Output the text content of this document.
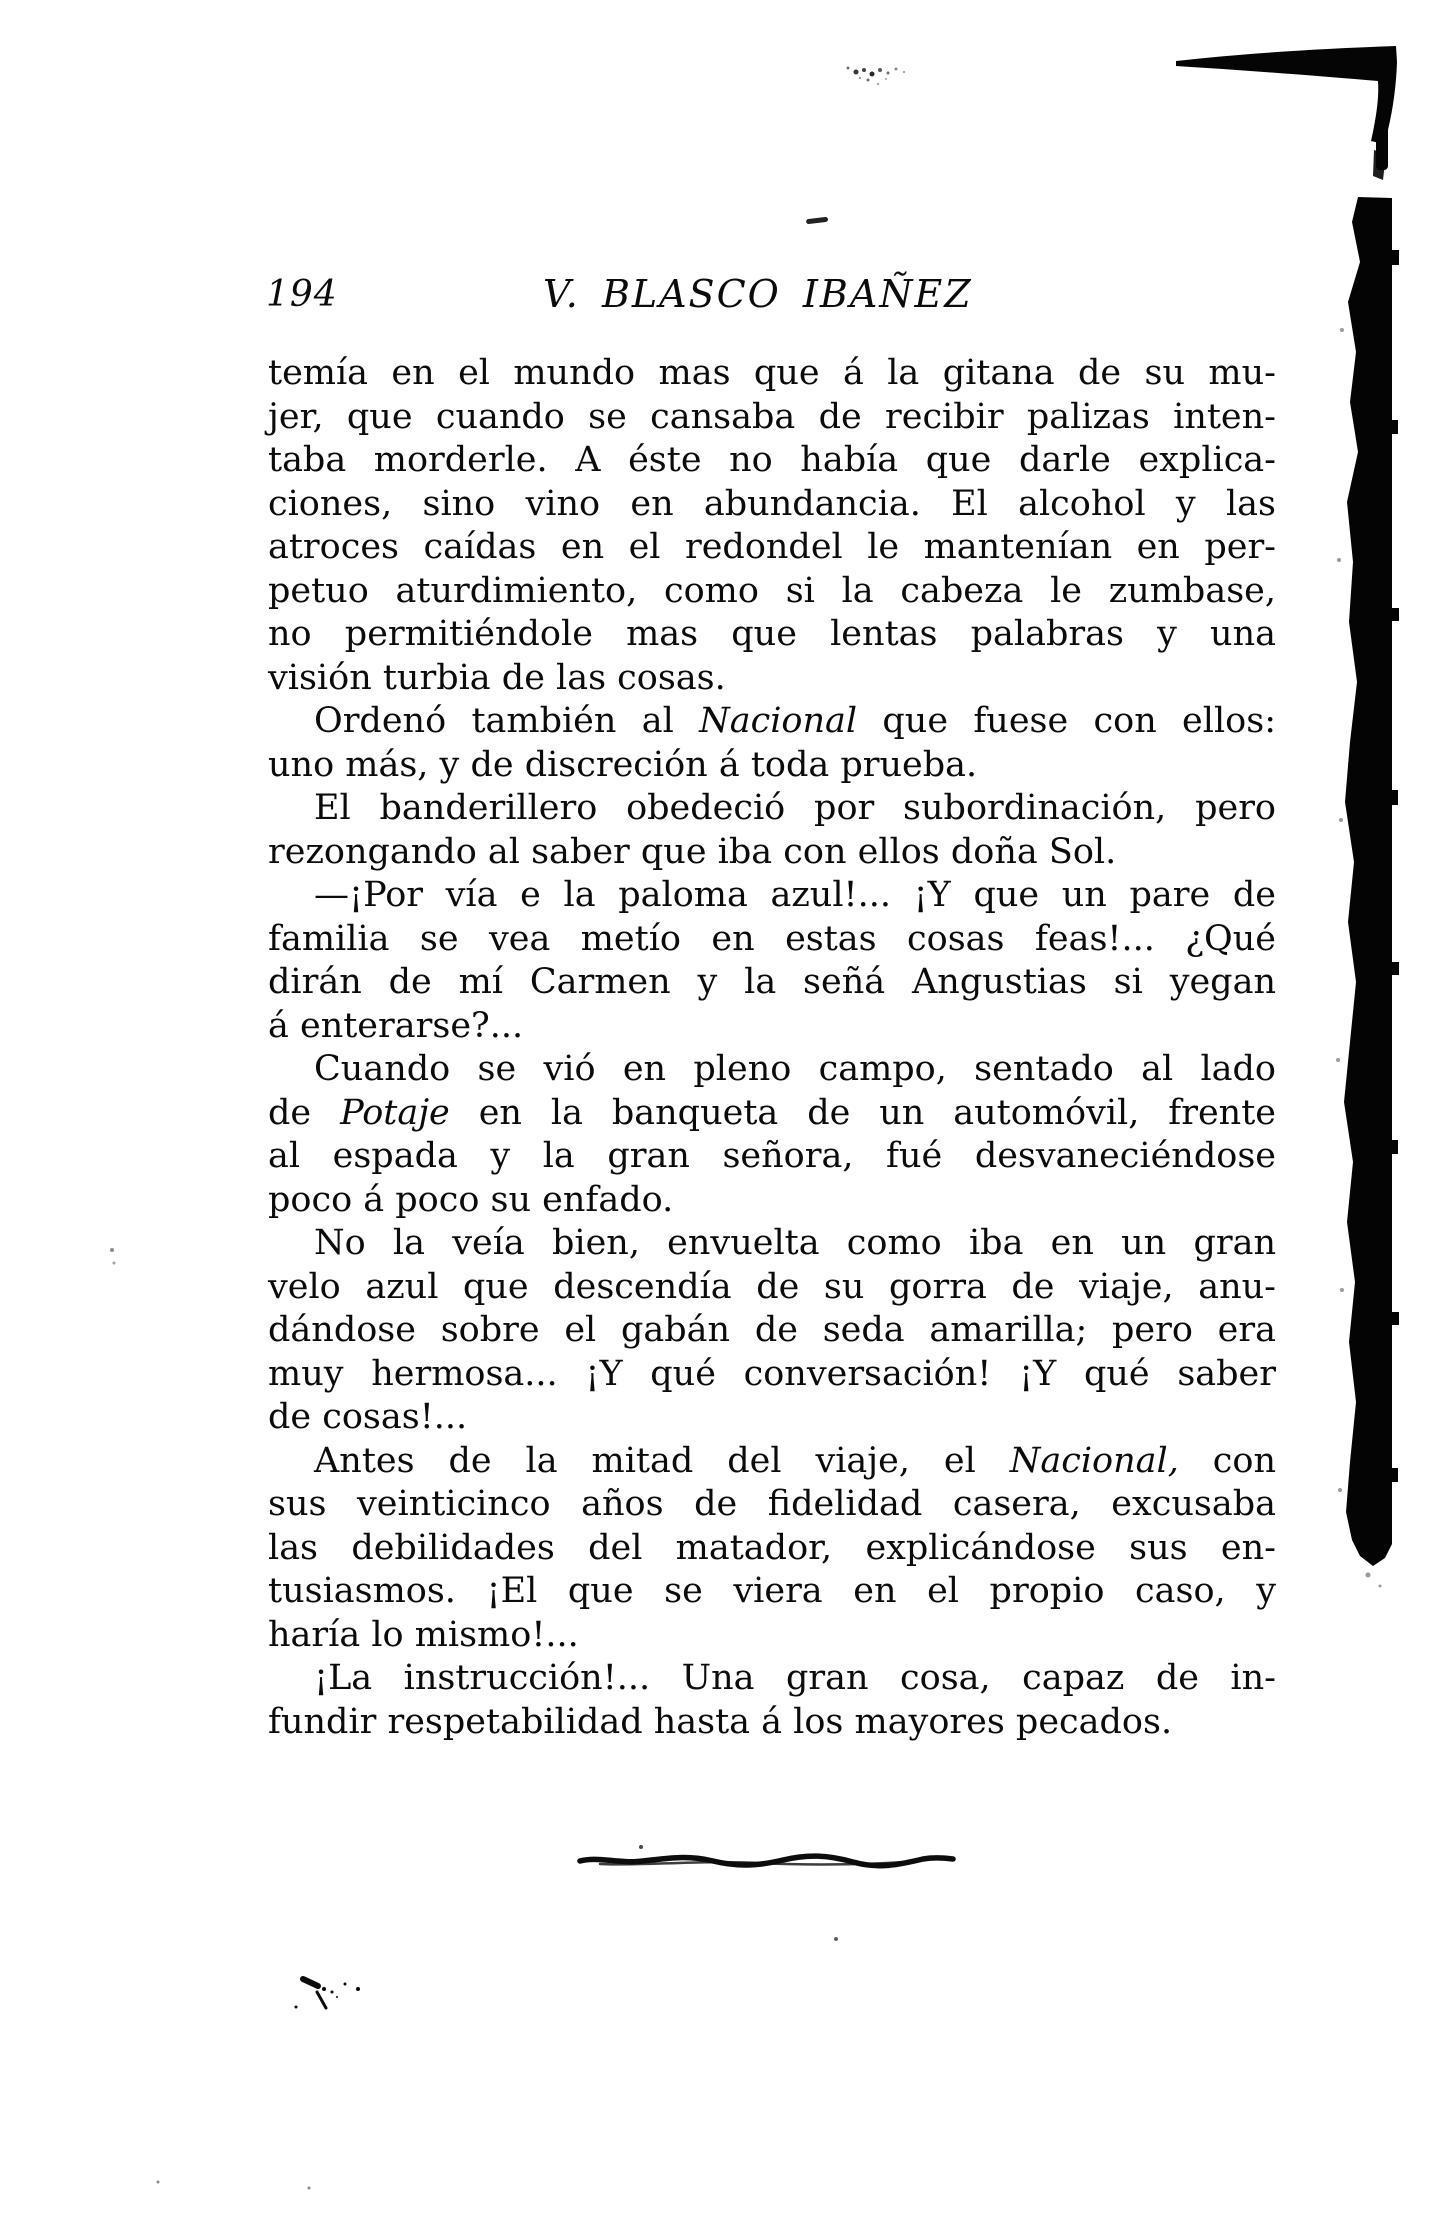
194	V. BLASCO IBAÑEZ
temía en el mundo mas que á la gitana de su mu-
jer, que cuando se cansaba de recibir palizas inten-
taba morderle. A éste no había que darle explica-
ciones, sino vino en abundancia. El alcohol y las
atroces caídas en el redondel le mantenían en per-
petuo aturdimiento, como si la cabeza le zumbase,
no permitiéndole mas que lentas palabras y una
visión turbia de las cosas.
Ordenó también al Nacional que fuese con ellos:
uno más, y de discreción á toda prueba.
El banderillero obedeció por subordinación, pero
rezongando al saber que iba con ellos doña Sol.
—¡Por vía e la paloma azul!... ¡Y que un pare de
familia se vea metío en estas cosas feas!... ¿Qué
dirán de mí Carmen y la señá Angustias si yegan
á enterarse?...
Cuando se vió en pleno campo, sentado al lado
de Potaje en la banqueta de un automóvil, frente
al espada y la gran señora, fué desvaneciéndose
poco á poco su enfado.
No la veía bien, envuelta como iba en un gran
velo azul que descendía de su gorra de viaje, anu-
dándose sobre el gabán de seda amarilla; pero era
muy hermosa... ¡Y qué conversación! ¡Y qué saber
de cosas!...
Antes de la mitad del viaje, el Nacional, con
sus veinticinco años de fidelidad casera, excusaba
las debilidades del matador, explicándose sus en-
tusiasmos. ¡El que se viera en el propio caso, y
haría lo mismo!...
¡La instrucción!... Una gran cosa, capaz de in-
fundir respetabilidad hasta á los mayores pecados.
